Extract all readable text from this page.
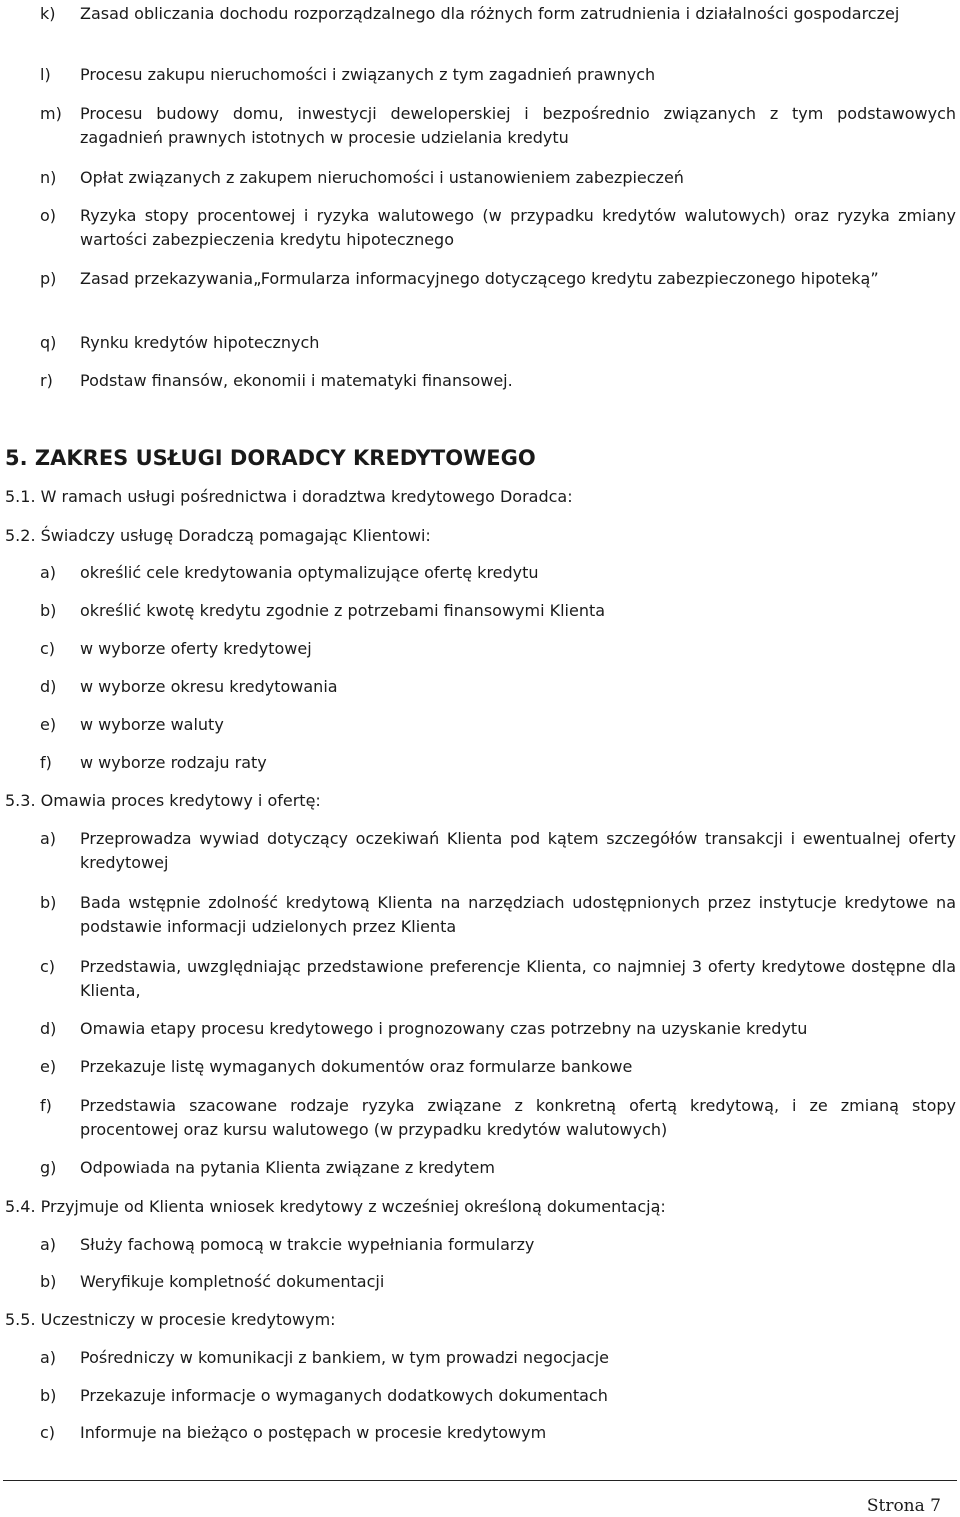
k) Zasad obliczania dochodu rozporządzalnego dla różnych form zatrudnienia i działalności gospodarczej
l) Procesu zakupu nieruchomości i związanych z tym zagadnień prawnych
m) Procesu budowy domu, inwestycji deweloperskiej i bezpośrednio związanych z tym podstawowych zagadnień prawnych istotnych w procesie udzielania kredytu
n) Opłat związanych z zakupem nieruchomości i ustanowieniem zabezpieczeń
o) Ryzyka stopy procentowej i ryzyka walutowego (w przypadku kredytów walutowych) oraz ryzyka zmiany wartości zabezpieczenia kredytu hipotecznego
p) Zasad przekazywania„Formularza informacyjnego dotyczącego kredytu zabezpieczonego hipoteką”
q) Rynku kredytów hipotecznych
r) Podstaw finansów, ekonomii i matematyki finansowej.
5. ZAKRES USŁUGI DORADCY KREDYTOWEGO
5.1. W ramach usługi pośrednictwa i doradztwa kredytowego Doradca:
5.2. Świadczy usługę Doradczą pomagając Klientowi:
a) określić cele kredytowania optymalizujące ofertę kredytu
b) określić kwotę kredytu zgodnie z potrzebami finansowymi Klienta
c) w wyborze oferty kredytowej
d) w wyborze okresu kredytowania
e) w wyborze waluty
f) w wyborze rodzaju raty
5.3. Omawia proces kredytowy i ofertę:
a) Przeprowadza wywiad dotyczący oczekiwań Klienta pod kątem szczegółów transakcji i ewentualnej oferty kredytowej
b) Bada wstępnie zdolność kredytową Klienta na narzędziach udostępnionych przez instytucje kredytowe na podstawie informacji udzielonych przez Klienta
c) Przedstawia, uwzględniając przedstawione preferencje Klienta, co najmniej 3 oferty kredytowe dostępne dla Klienta,
d) Omawia etapy procesu kredytowego i prognozowany czas potrzebny na uzyskanie kredytu
e) Przekazuje listę wymaganych dokumentów oraz formularze bankowe
f) Przedstawia szacowane rodzaje ryzyka związane z konkretną ofertą kredytową, i ze zmianą stopy procentowej oraz kursu walutowego (w przypadku kredytów walutowych)
g) Odpowiada na pytania Klienta związane z kredytem
5.4. Przyjmuje od Klienta wniosek kredytowy z wcześniej określoną dokumentacją:
a) Służy fachową pomocą w trakcie wypełniania formularzy
b) Weryfikuje kompletność dokumentacji
5.5. Uczestniczy w procesie kredytowym:
a) Pośredniczy w komunikacji z bankiem, w tym prowadzi negocjacje
b) Przekazuje informacje o wymaganych dodatkowych dokumentach
c) Informuje na bieżąco o postępach w procesie kredytowym
Strona 7
